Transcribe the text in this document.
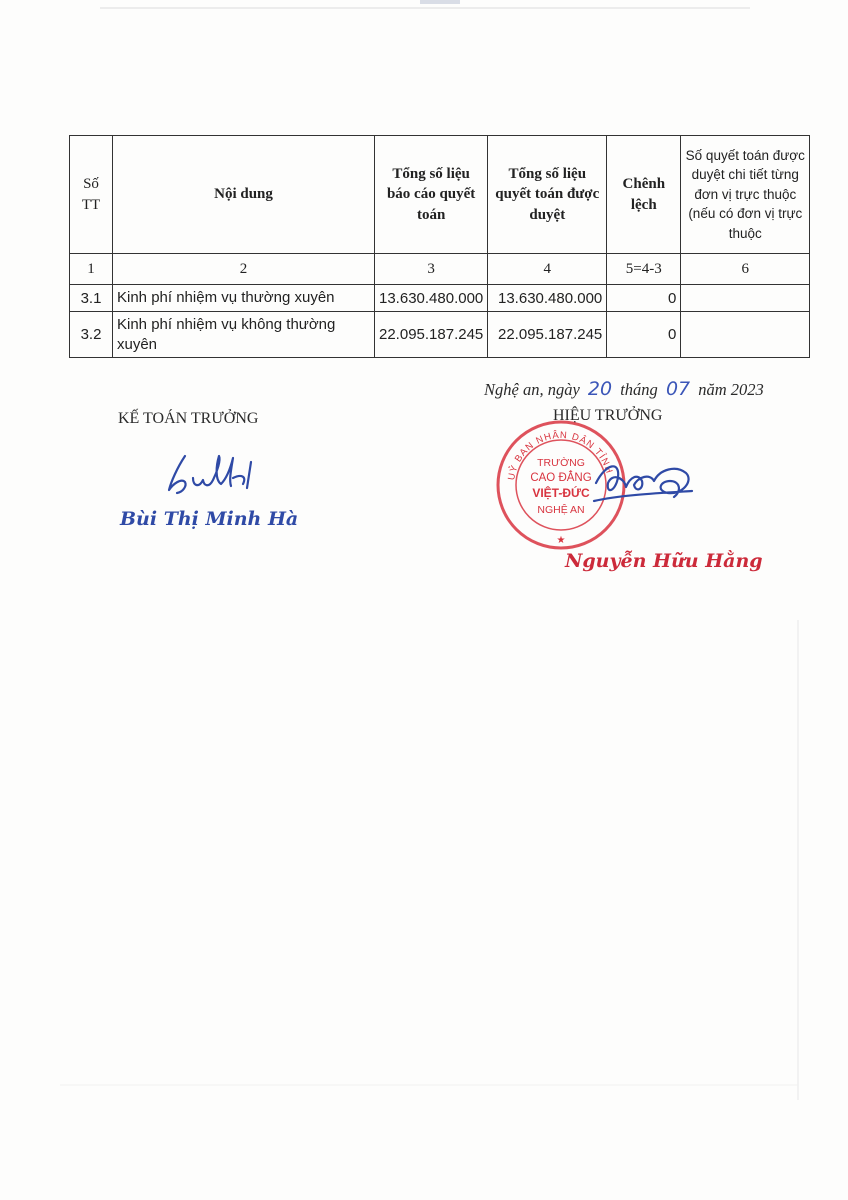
Số TT	Nội dung	Tổng số liệu báo cáo quyết toán	Tổng số liệu quyết toán được duyệt	Chênh lệch	Số quyết toán được duyệt chi tiết từng đơn vị trực thuộc (nếu có đơn vị trực thuộc
1	2	3	4	5=4-3	6
3.1	Kinh phí nhiệm vụ thường xuyên	13.630.480.000	13.630.480.000	0	
3.2	Kinh phí nhiệm vụ không thường xuyên	22.095.187.245	22.095.187.245	0	
Nghệ an, ngày 20 tháng 07 năm 2023
KẾ TOÁN TRƯỞNG
Bùi Thị Minh Hà
HIỆU TRƯỞNG
UỶ BAN NHÂN DÂN TỈNH
TRƯỜNG
CAO ĐẲNG
VIỆT-ĐỨC
NGHỆ AN
★
Nguyễn Hữu Hằng
